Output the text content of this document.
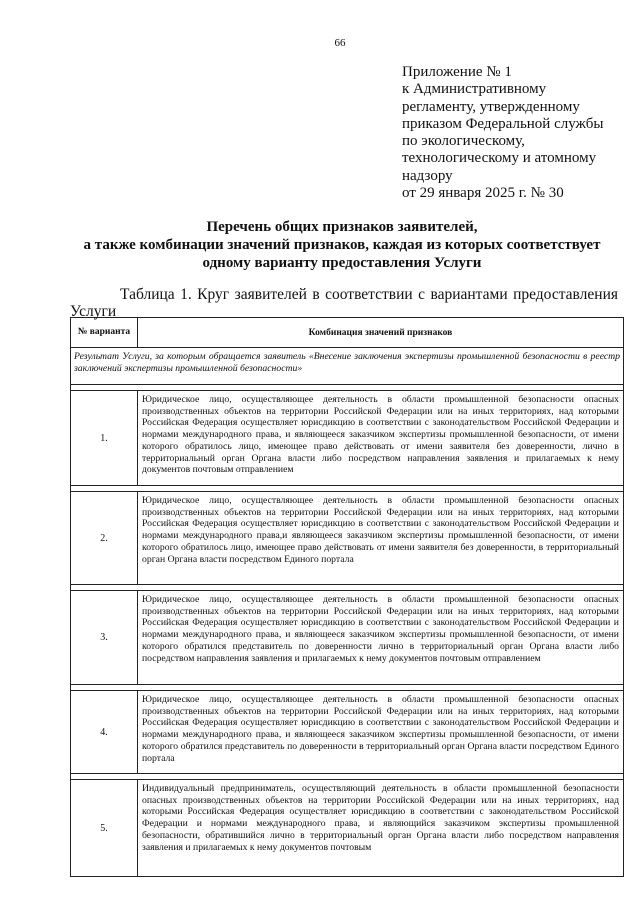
66
Приложение № 1
к Административному
регламенту, утвержденному
приказом Федеральной службы
по экологическому,
технологическому и атомному
надзору
от 29 января 2025 г. № 30
Перечень общих признаков заявителей,
а также комбинации значений признаков, каждая из которых соответствует
одному варианту предоставления Услуги
Таблица 1. Круг заявителей в соответствии с вариантами предоставления
Услуги
№ варианта	Комбинация значений признаков
Результат Услуги, за которым обращается заявитель «Внесение заключения экспертизы промышленной безопасности в реестр заключений экспертизы промышленной безопасности»	

1.	Юридическое лицо, осуществляющее деятельность в области промышленной безопасности опасных производственных объектов на территории Российской Федерации или на иных территориях, над которыми Российская Федерация осуществляет юрисдикцию в соответствии с законодательством Российской Федерации и нормами международного права, и являющееся заказчиком экспертизы промышленной безопасности, от имени которого обратилось лицо, имеющее право действовать от имени заявителя без доверенности, лично в территориальный орган Органа власти либо посредством направления заявления и прилагаемых к нему документов почтовым отправлением

2.	Юридическое лицо, осуществляющее деятельность в области промышленной безопасности опасных производственных объектов на территории Российской Федерации или на иных территориях, над которыми Российская Федерация осуществляет юрисдикцию в соответствии с законодательством Российской Федерации и нормами международного права,и являющееся заказчиком экспертизы промышленной безопасности, от имени которого обратилось лицо, имеющее право действовать от имени заявителя без доверенности, в территориальный орган Органа власти посредством Единого портала

3.	Юридическое лицо, осуществляющее деятельность в области промышленной безопасности опасных производственных объектов на территории Российской Федерации или на иных территориях, над которыми Российская Федерация осуществляет юрисдикцию в соответствии с законодательством Российской Федерации и нормами международного права, и являющееся заказчиком экспертизы промышленной безопасности, от имени которого обратился представитель по доверенности лично в территориальный орган Органа власти либо посредством направления заявления и прилагаемых к нему документов почтовым отправлением

4.	Юридическое лицо, осуществляющее деятельность в области промышленной безопасности опасных производственных объектов на территории Российской Федерации или на иных территориях, над которыми Российская Федерация осуществляет юрисдикцию в соответствии с законодательством Российской Федерации и нормами международного права, и являющееся заказчиком экспертизы промышленной безопасности, от имени которого обратился представитель по доверенности в территориальный орган Органа власти посредством Единого портала

5.	Индивидуальный предприниматель, осуществляющий деятельность в области промышленной безопасности опасных производственных объектов на территории Российской Федерации или на иных территориях, над которыми Российская Федерация осуществляет юрисдикцию в соответствии с законодательством Российской Федерации и нормами международного права, и являющийся заказчиком экспертизы промышленной безопасности, обратившийся лично в территориальный орган Органа власти либо посредством направления заявления и прилагаемых к нему документов почтовым
